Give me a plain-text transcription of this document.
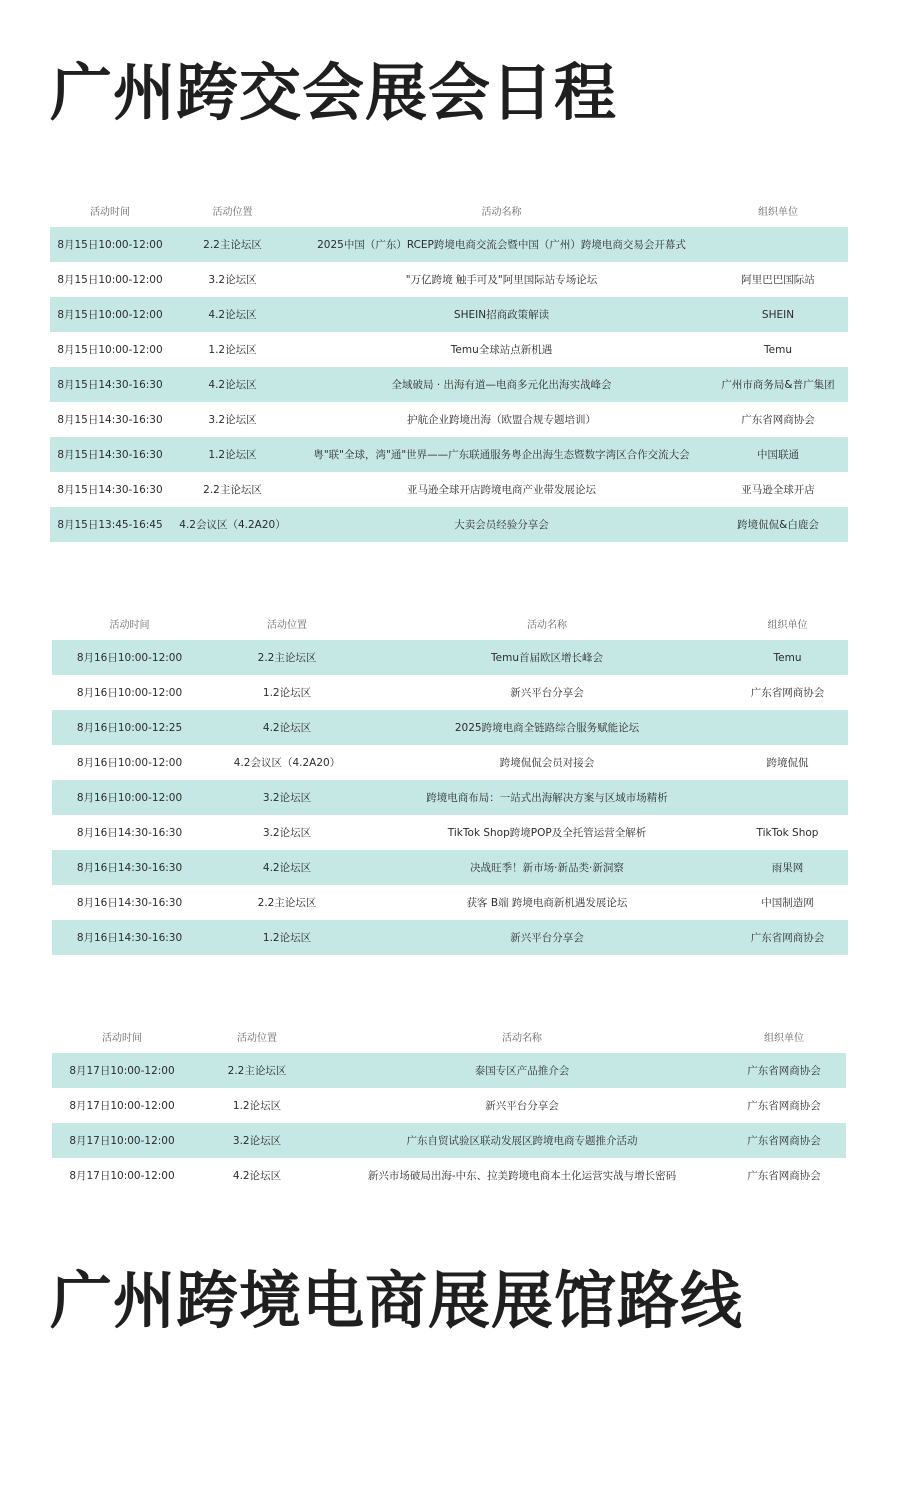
广州跨交会展会日程
活动时间	活动位置	活动名称	组织单位
8月15日10:00-12:00	2.2主论坛区	2025中国（广东）RCEP跨境电商交流会暨中国（广州）跨境电商交易会开幕式	
8月15日10:00-12:00	3.2论坛区	"万亿跨境 触手可及"阿里国际站专场论坛	阿里巴巴国际站
8月15日10:00-12:00	4.2论坛区	SHEIN招商政策解读	SHEIN
8月15日10:00-12:00	1.2论坛区	Temu全球站点新机遇	Temu
8月15日14:30-16:30	4.2论坛区	全域破局 · 出海有道—电商多元化出海实战峰会	广州市商务局&普广集团
8月15日14:30-16:30	3.2论坛区	护航企业跨境出海（欧盟合规专题培训）	广东省网商协会
8月15日14:30-16:30	1.2论坛区	粤"联"全球，湾"通"世界——广东联通服务粤企出海生态暨数字湾区合作交流大会	中国联通
8月15日14:30-16:30	2.2主论坛区	亚马逊全球开店跨境电商产业带发展论坛	亚马逊全球开店
8月15日13:45-16:45	4.2会议区（4.2A20）	大卖会员经验分享会	跨境侃侃&白鹿会
活动时间	活动位置	活动名称	组织单位
8月16日10:00-12:00	2.2主论坛区	Temu首届欧区增长峰会	Temu
8月16日10:00-12:00	1.2论坛区	新兴平台分享会	广东省网商协会
8月16日10:00-12:25	4.2论坛区	2025跨境电商全链路综合服务赋能论坛	
8月16日10:00-12:00	4.2会议区（4.2A20）	跨境侃侃会员对接会	跨境侃侃
8月16日10:00-12:00	3.2论坛区	跨境电商布局：一站式出海解决方案与区域市场精析	
8月16日14:30-16:30	3.2论坛区	TikTok Shop跨境POP及全托管运营全解析	TikTok Shop
8月16日14:30-16:30	4.2论坛区	决战旺季！新市场·新品类·新洞察	雨果网
8月16日14:30-16:30	2.2主论坛区	获客 B端 跨境电商新机遇发展论坛	中国制造网
8月16日14:30-16:30	1.2论坛区	新兴平台分享会	广东省网商协会
活动时间	活动位置	活动名称	组织单位
8月17日10:00-12:00	2.2主论坛区	泰国专区产品推介会	广东省网商协会
8月17日10:00-12:00	1.2论坛区	新兴平台分享会	广东省网商协会
8月17日10:00-12:00	3.2论坛区	广东自贸试验区联动发展区跨境电商专题推介活动	广东省网商协会
8月17日10:00-12:00	4.2论坛区	新兴市场破局出海-中东、拉美跨境电商本土化运营实战与增长密码	广东省网商协会
广州跨境电商展展馆路线
